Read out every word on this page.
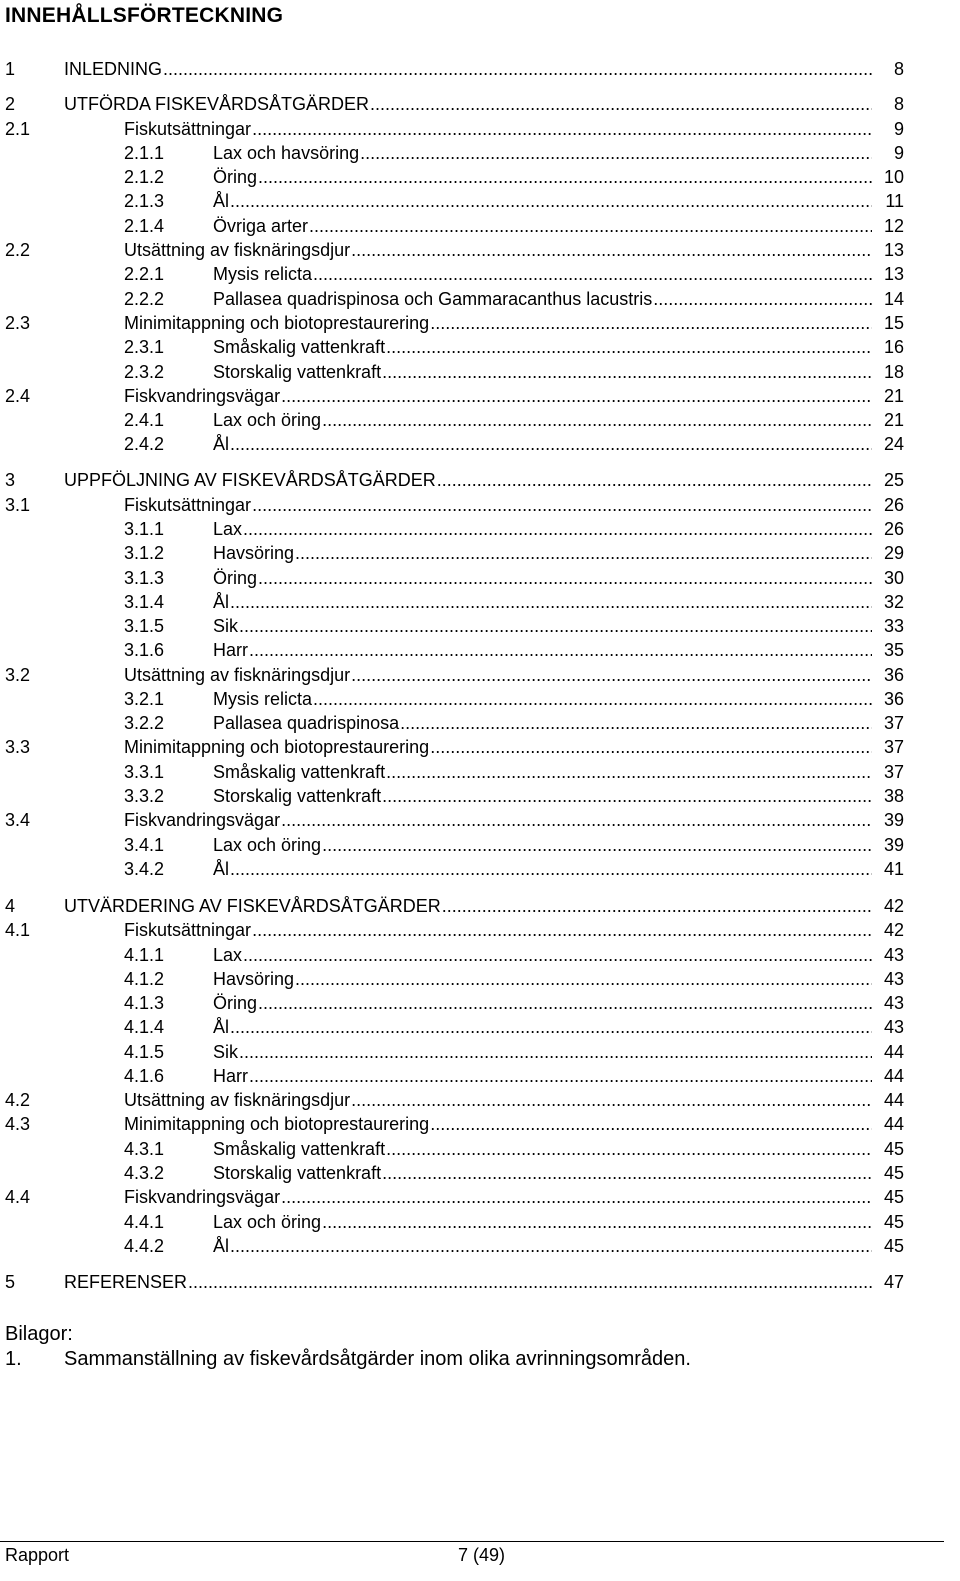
INNEHÅLLSFÖRTECKNING
1	INLEDNING .....	8
2	UTFÖRDA FISKEVÅRDSÅTGÄRDER .....	8
2.1	Fiskutsättningar .....	9
2.1.1	Lax och havsöring .....	9
2.1.2	Öring .....	10
2.1.3	Ål .....	11
2.1.4	Övriga arter .....	12
2.2	Utsättning av fisknäringsdjur .....	13
2.2.1	Mysis relicta .....	13
2.2.2	Pallasea quadrispinosa och Gammaracanthus lacustris .....	14
2.3	Minimitappning och biotoprestaurering .....	15
2.3.1	Småskalig vattenkraft .....	16
2.3.2	Storskalig vattenkraft .....	18
2.4	Fiskvandringsvägar .....	21
2.4.1	Lax och öring .....	21
2.4.2	Ål .....	24
3	UPPFÖLJNING AV FISKEVÅRDSÅTGÄRDER .....	25
3.1	Fiskutsättningar .....	26
3.1.1	Lax .....	26
3.1.2	Havsöring .....	29
3.1.3	Öring .....	30
3.1.4	Ål .....	32
3.1.5	Sik .....	33
3.1.6	Harr .....	35
3.2	Utsättning av fisknäringsdjur .....	36
3.2.1	Mysis relicta .....	36
3.2.2	Pallasea quadrispinosa .....	37
3.3	Minimitappning och biotoprestaurering .....	37
3.3.1	Småskalig vattenkraft .....	37
3.3.2	Storskalig vattenkraft .....	38
3.4	Fiskvandringsvägar .....	39
3.4.1	Lax och öring .....	39
3.4.2	Ål .....	41
4	UTVÄRDERING AV FISKEVÅRDSÅTGÄRDER .....	42
4.1	Fiskutsättningar .....	42
4.1.1	Lax .....	43
4.1.2	Havsöring .....	43
4.1.3	Öring .....	43
4.1.4	Ål .....	43
4.1.5	Sik .....	44
4.1.6	Harr .....	44
4.2	Utsättning av fisknäringsdjur .....	44
4.3	Minimitappning och biotoprestaurering .....	44
4.3.1	Småskalig vattenkraft .....	45
4.3.2	Storskalig vattenkraft .....	45
4.4	Fiskvandringsvägar .....	45
4.4.1	Lax och öring .....	45
4.4.2	Ål .....	45
5	REFERENSER .....	47
Bilagor:
1. Sammanställning av fiskevårdsåtgärder inom olika avrinningsområden.
Rapport	7 (49)
